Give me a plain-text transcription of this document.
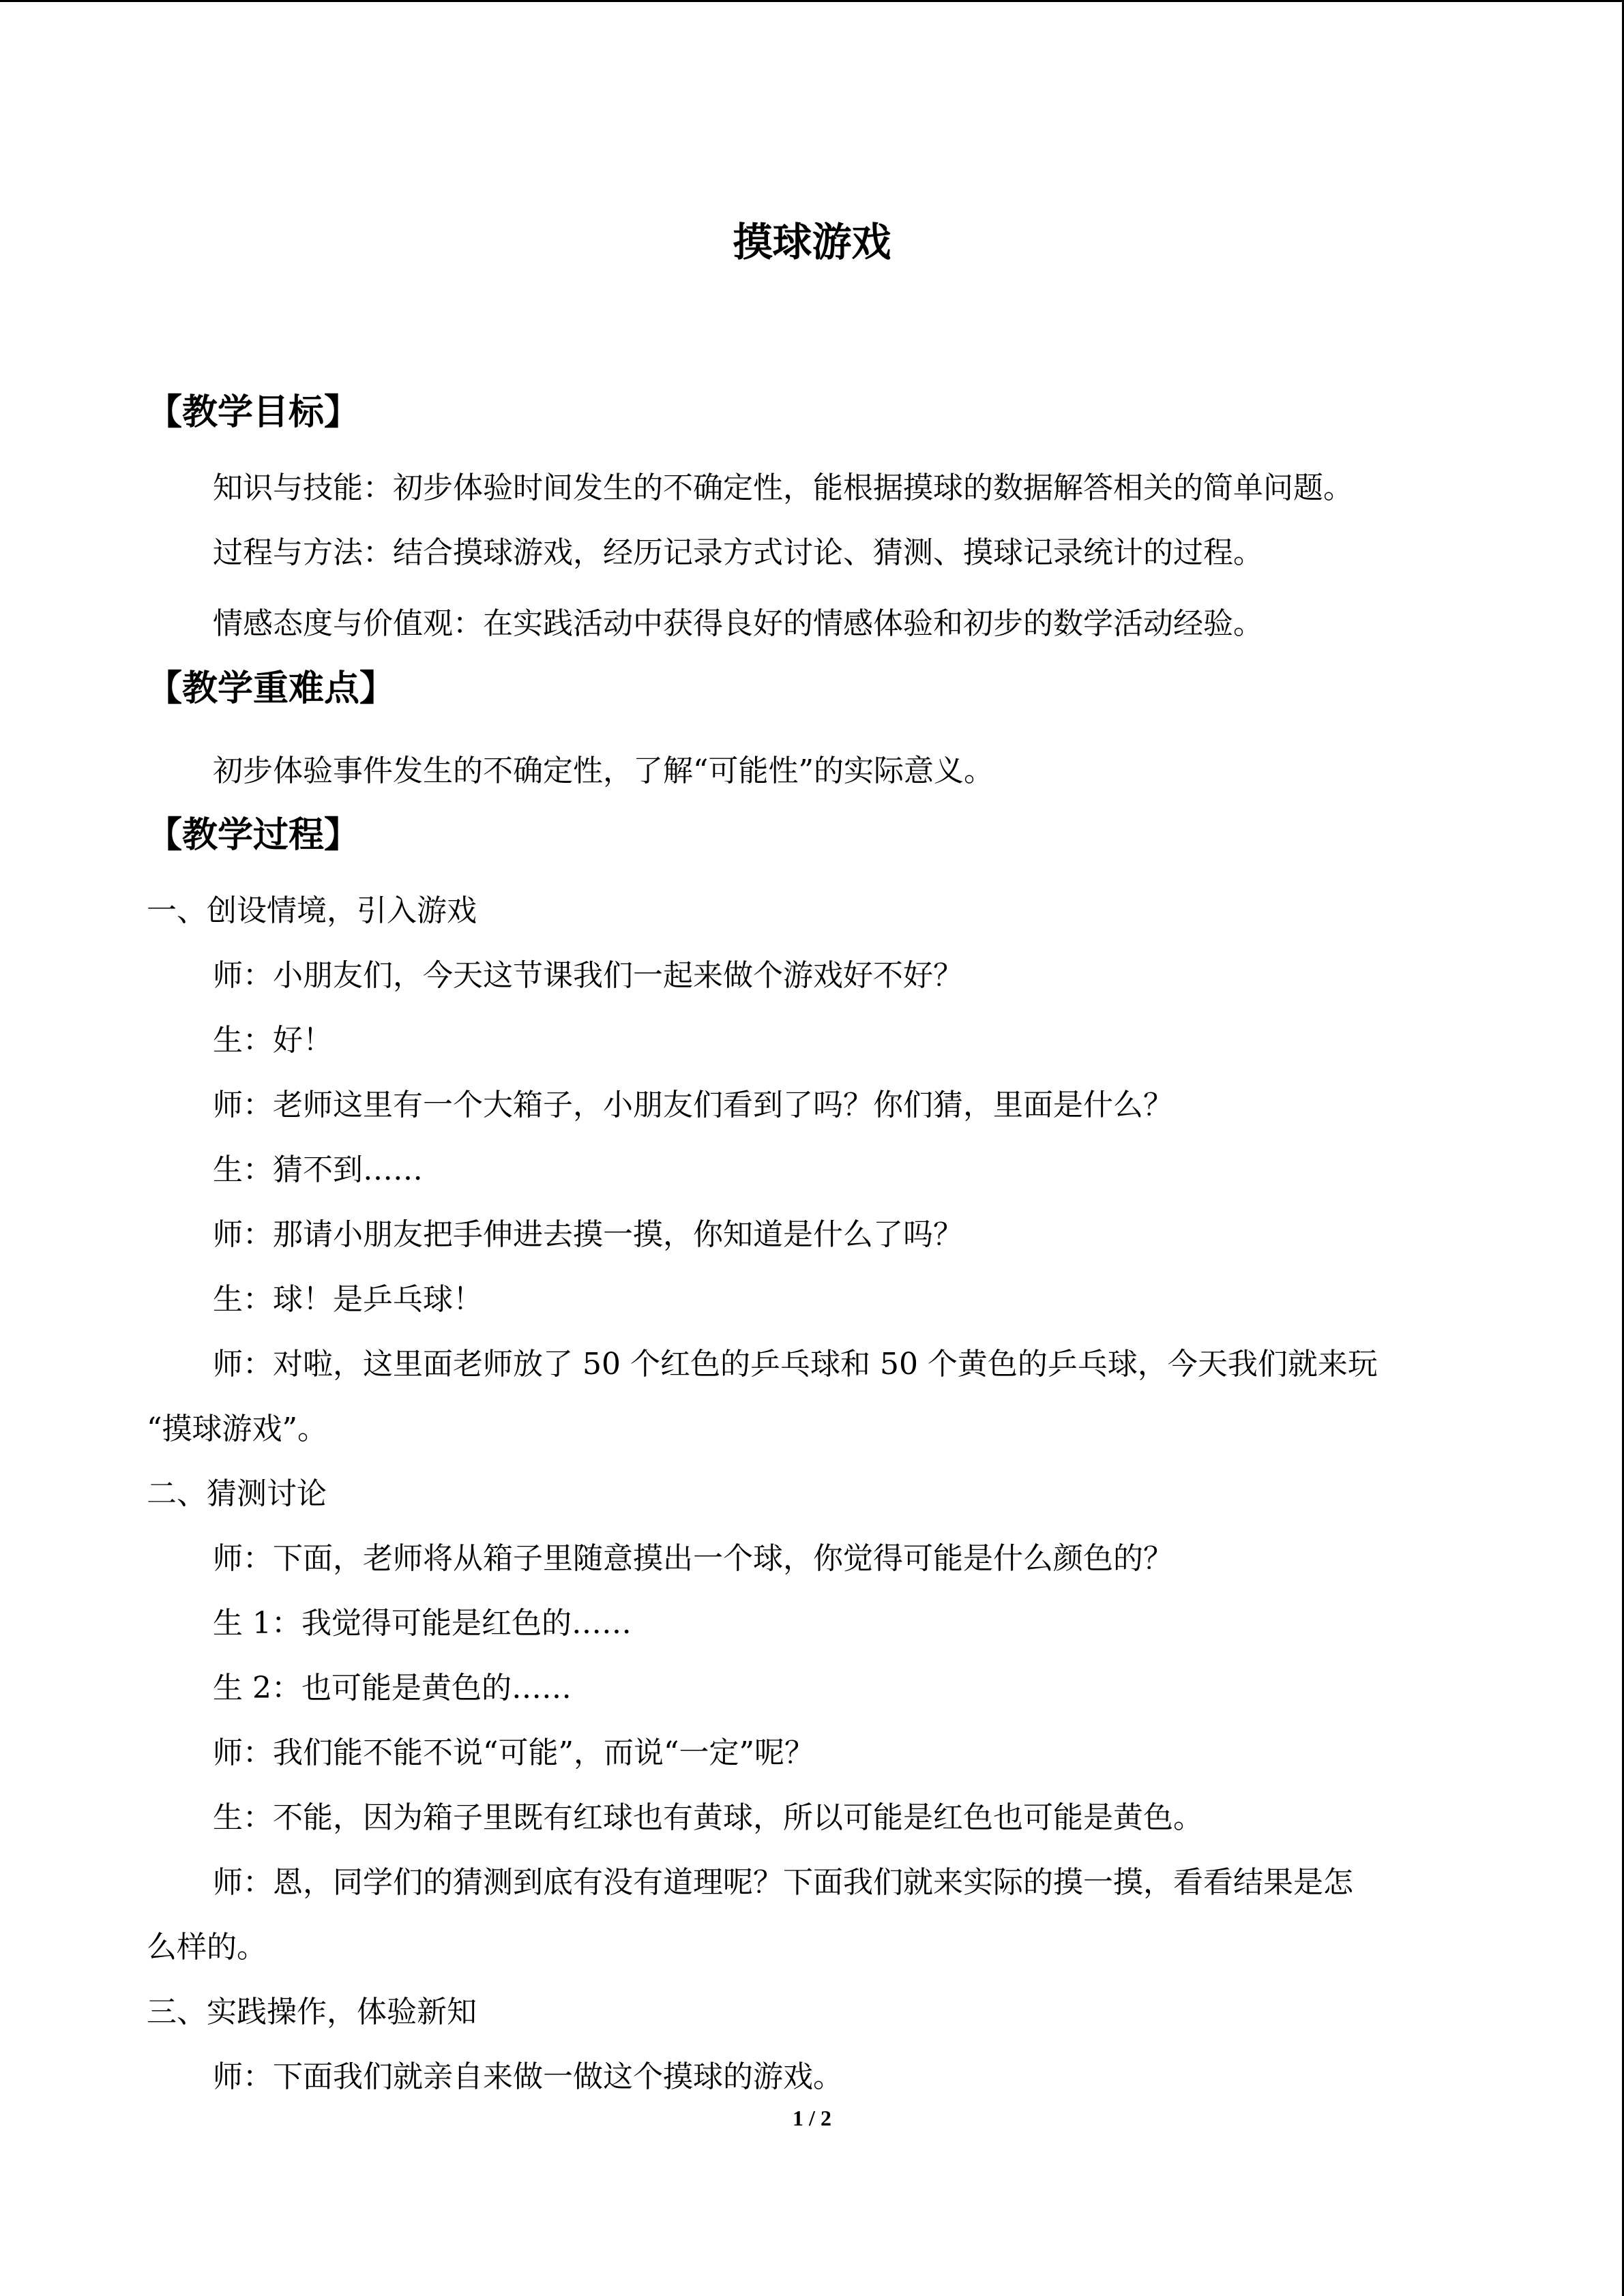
摸球游戏
【教学目标】
知识与技能：初步体验时间发生的不确定性，能根据摸球的数据解答相关的简单问题。
过程与方法：结合摸球游戏，经历记录方式讨论、猜测、摸球记录统计的过程。
情感态度与价值观：在实践活动中获得良好的情感体验和初步的数学活动经验。
【教学重难点】
初步体验事件发生的不确定性，了解“可能性”的实际意义。
【教学过程】
一、创设情境，引入游戏
师：小朋友们，今天这节课我们一起来做个游戏好不好？
生：好！
师：老师这里有一个大箱子，小朋友们看到了吗？你们猜，里面是什么？
生：猜不到……
师：那请小朋友把手伸进去摸一摸，你知道是什么了吗？
生：球！是乒乓球！
师：对啦，这里面老师放了 50 个红色的乒乓球和 50 个黄色的乒乓球，今天我们就来玩
“摸球游戏”。
二、猜测讨论
师：下面，老师将从箱子里随意摸出一个球，你觉得可能是什么颜色的？
生 1：我觉得可能是红色的……
生 2：也可能是黄色的……
师：我们能不能不说“可能”，而说“一定”呢？
生：不能，因为箱子里既有红球也有黄球，所以可能是红色也可能是黄色。
师：恩，同学们的猜测到底有没有道理呢？下面我们就来实际的摸一摸，看看结果是怎
么样的。
三、实践操作，体验新知
师：下面我们就亲自来做一做这个摸球的游戏。
1 / 2
